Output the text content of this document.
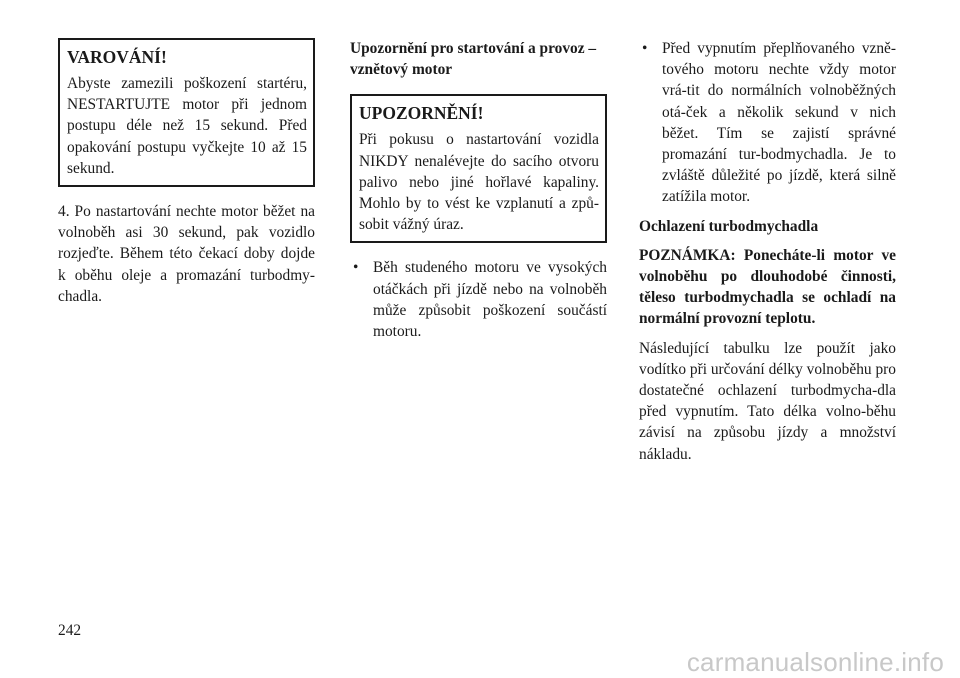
VAROVÁNÍ!

Abyste zamezili poškození startéru, NESTARTUJTE motor při jednom postupu déle než 15 sekund. Před opakování postupu vyčkejte 10 až 15 sekund.

4. Po nastartování nechte motor běžet na volnoběh asi 30 sekund, pak vozidlo rozjeďte. Během této čekací doby dojde k oběhu oleje a promazání turbodmy-chadla.

Upozornění pro startování a provoz – vznětový motor

UPOZORNĚNÍ!

Při pokusu o nastartování vozidla NIKDY nenalévejte do sacího otvoru palivo nebo jiné hořlavé kapaliny. Mohlo by to vést ke vzplanutí a způ-sobit vážný úraz.

• Běh studeného motoru ve vysokých otáčkách při jízdě nebo na volnoběh může způsobit poškození součástí motoru.
• Před vypnutím přeplňovaného vzně-tového motoru nechte vždy motor vrá-tit do normálních volnoběžných otá-ček a několik sekund v nich běžet. Tím se zajistí správné promazání tur-bodmychadla. Je to zvláště důležité po jízdě, která silně zatížila motor.

Ochlazení turbodmychadla

POZNÁMKA: Ponecháte-li motor ve volnoběhu po dlouhodobé činnosti, těleso turbodmychadla se ochladí na normální provozní teplotu.

Následující tabulku lze použít jako vodítko při určování délky volnoběhu pro dostatečné ochlazení turbodmycha-dla před vypnutím. Tato délka volno-běhu závisí na způsobu jízdy a množství nákladu.

242
carmanualsonline.info
